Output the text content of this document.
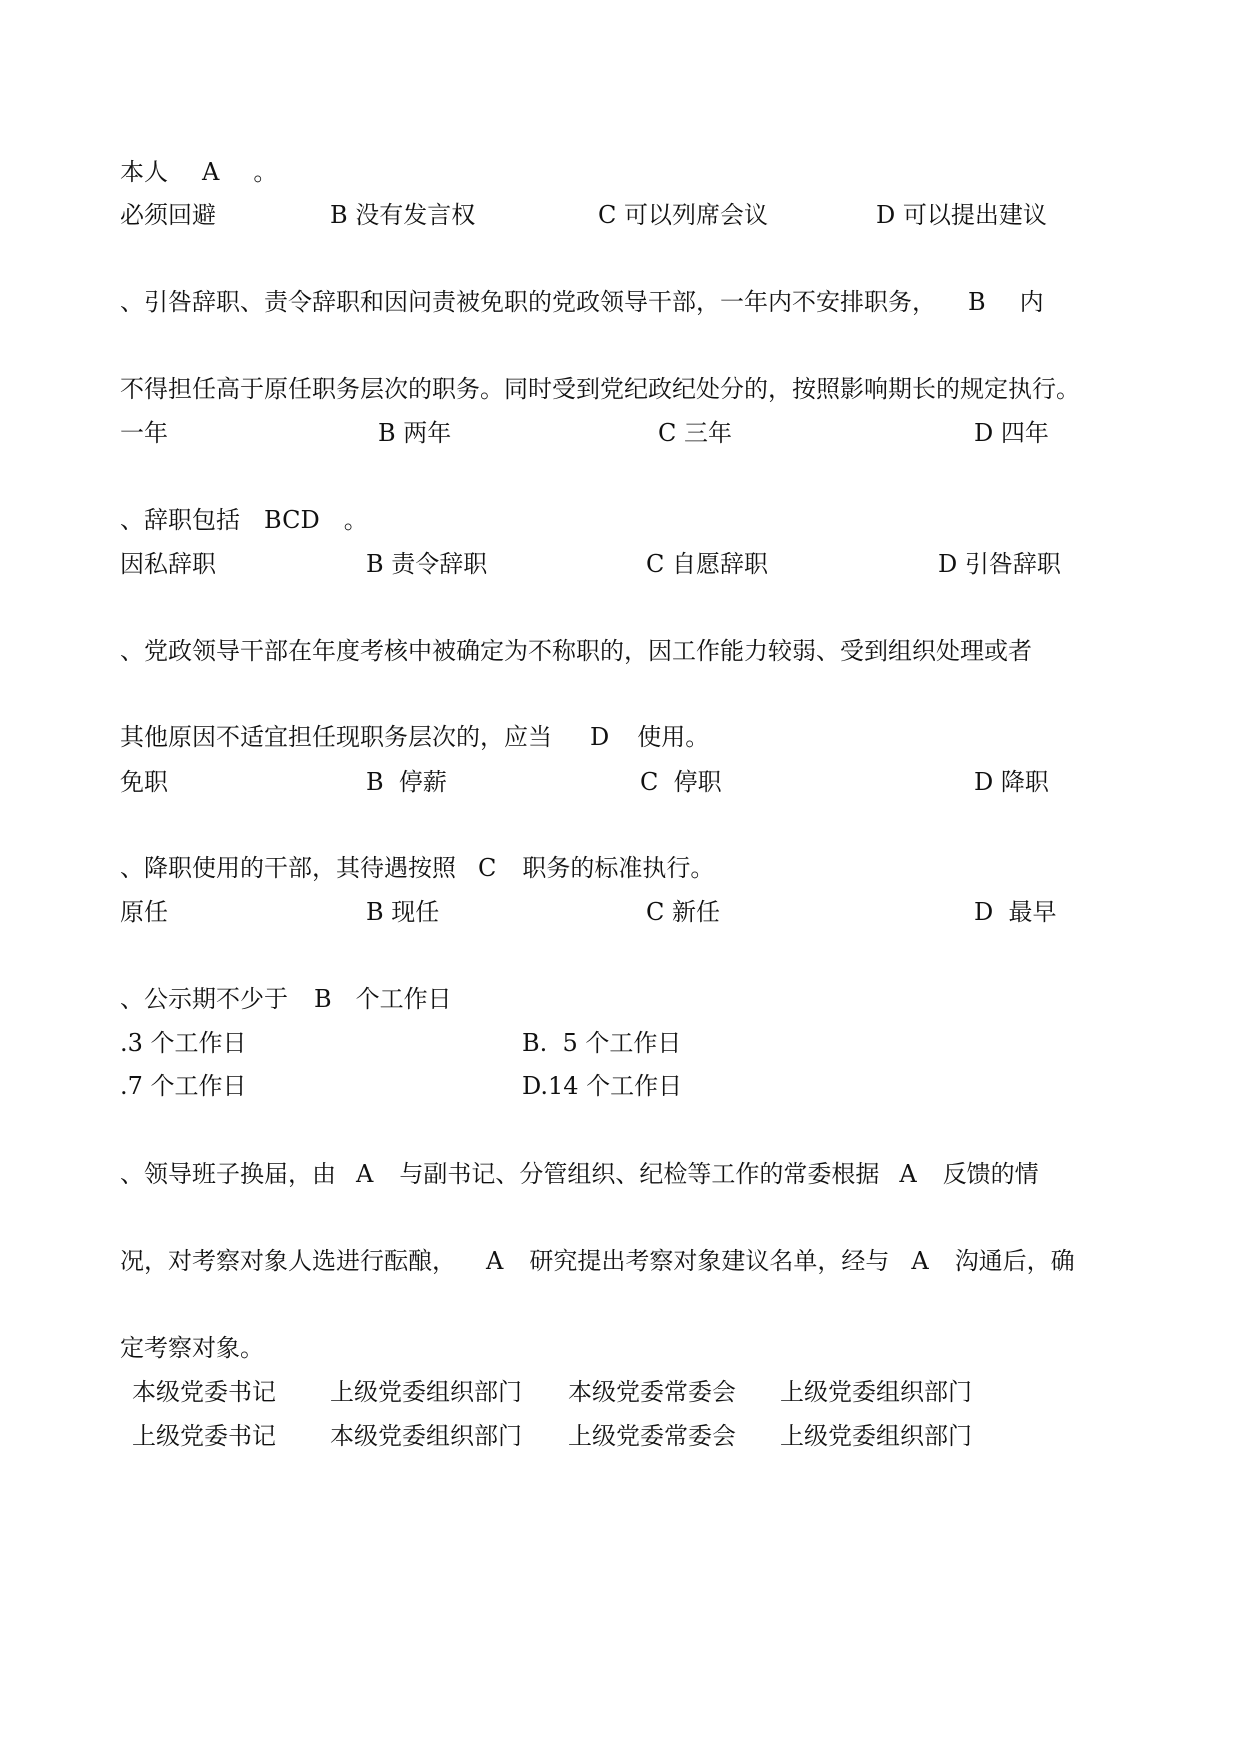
本人 A 。
必须回避	B 没有发言权	C 可以列席会议	D 可以提出建议
、引咎辞职、责令辞职和因问责被免职的党政领导干部，一年内不安排职务， B 内
不得担任高于原任职务层次的职务。同时受到党纪政纪处分的，按照影响期长的规定执行。
一年	B 两年	C 三年	D 四年
、辞职包括 BCD 。
因私辞职	B 责令辞职	C 自愿辞职	D 引咎辞职
、党政领导干部在年度考核中被确定为不称职的，因工作能力较弱、受到组织处理或者
其他原因不适宜担任现职务层次的，应当 D 使用。
免职	B  停薪	C  停职	D 降职
、降职使用的干部，其待遇按照 C 职务的标准执行。
原任	B 现任	C 新任	D  最早
、公示期不少于 B 个工作日
.3 个工作日	B.  5 个工作日
.7 个工作日	D.14 个工作日
、领导班子换届，由 A 与副书记、分管组织、纪检等工作的常委根据 A 反馈的情
况，对考察对象人选进行酝酿， A 研究提出考察对象建议名单，经与 A 沟通后，确
定考察对象。
本级党委书记 上级党委组织部门 本级党委常委会 上级党委组织部门
上级党委书记 本级党委组织部门 上级党委常委会 上级党委组织部门
